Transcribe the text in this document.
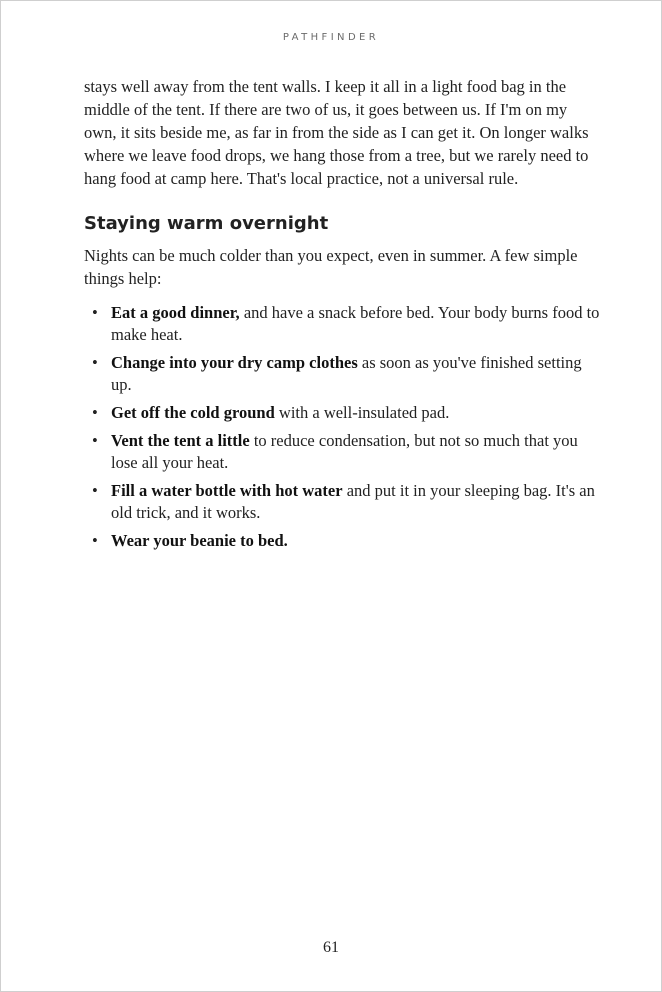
PATHFINDER

stays well away from the tent walls. I keep it all in a light food bag in the middle of the tent. If there are two of us, it goes between us. If I'm on my own, it sits beside me, as far in from the side as I can get it. On longer walks where we leave food drops, we hang those from a tree, but we rarely need to hang food at camp here. That's local practice, not a universal rule.

Staying warm overnight

Nights can be much colder than you expect, even in summer. A few simple things help:

• Eat a good dinner, and have a snack before bed. Your body burns food to make heat.
• Change into your dry camp clothes as soon as you've finished setting up.
• Get off the cold ground with a well-insulated pad.
• Vent the tent a little to reduce condensation, but not so much that you lose all your heat.
• Fill a water bottle with hot water and put it in your sleeping bag. It's an old trick, and it works.
• Wear your beanie to bed.
61
